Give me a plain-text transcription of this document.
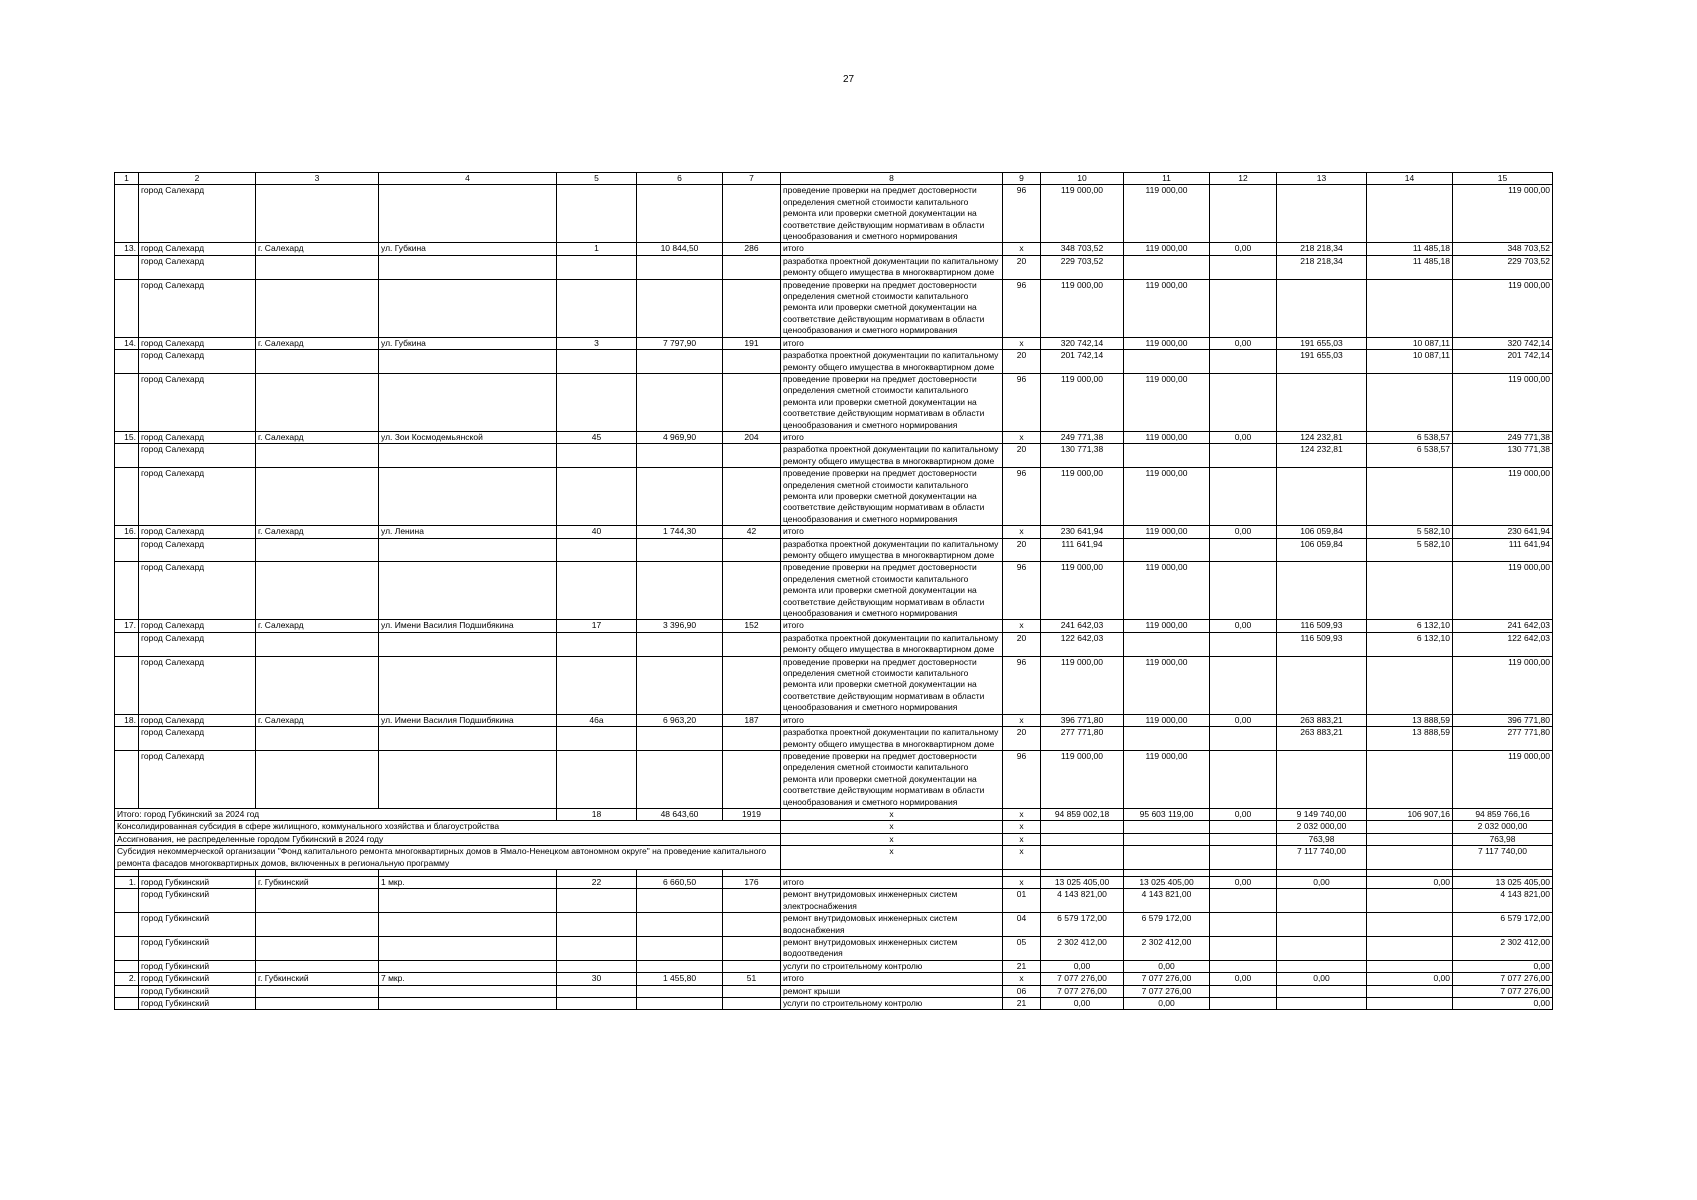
27
1	2	3	4	5	6	7	8	9	10	11	12	13	14	15
	город Салехард						проведение проверки на предмет достоверности определения сметной стоимости капитального ремонта или проверки сметной документации на соответствие действующим нормативам в области ценообразования и сметного нормирования	96	119 000,00	119 000,00				119 000,00
13.	город Салехард	г. Салехард	ул. Губкина	1	10 844,50	286	итого	х	348 703,52	119 000,00	0,00	218 218,34	11 485,18	348 703,52
	город Салехард						разработка проектной документации по капитальному ремонту общего имущества в многоквартирном доме	20	229 703,52			218 218,34	11 485,18	229 703,52
	город Салехард						проведение проверки на предмет достоверности определения сметной стоимости капитального ремонта или проверки сметной документации на соответствие действующим нормативам в области ценообразования и сметного нормирования	96	119 000,00	119 000,00				119 000,00
14.	город Салехард	г. Салехард	ул. Губкина	3	7 797,90	191	итого	х	320 742,14	119 000,00	0,00	191 655,03	10 087,11	320 742,14
	город Салехард						разработка проектной документации по капитальному ремонту общего имущества в многоквартирном доме	20	201 742,14			191 655,03	10 087,11	201 742,14
	город Салехард						проведение проверки на предмет достоверности определения сметной стоимости капитального ремонта или проверки сметной документации на соответствие действующим нормативам в области ценообразования и сметного нормирования	96	119 000,00	119 000,00				119 000,00
15.	город Салехард	г. Салехард	ул. Зои Космодемьянской	45	4 969,90	204	итого	х	249 771,38	119 000,00	0,00	124 232,81	6 538,57	249 771,38
	город Салехард						разработка проектной документации по капитальному ремонту общего имущества в многоквартирном доме	20	130 771,38			124 232,81	6 538,57	130 771,38
	город Салехард						проведение проверки на предмет достоверности определения сметной стоимости капитального ремонта или проверки сметной документации на соответствие действующим нормативам в области ценообразования и сметного нормирования	96	119 000,00	119 000,00				119 000,00
16.	город Салехард	г. Салехард	ул. Ленина	40	1 744,30	42	итого	х	230 641,94	119 000,00	0,00	106 059,84	5 582,10	230 641,94
	город Салехард						разработка проектной документации по капитальному ремонту общего имущества в многоквартирном доме	20	111 641,94			106 059,84	5 582,10	111 641,94
	город Салехард						проведение проверки на предмет достоверности определения сметной стоимости капитального ремонта или проверки сметной документации на соответствие действующим нормативам в области ценообразования и сметного нормирования	96	119 000,00	119 000,00				119 000,00
17.	город Салехард	г. Салехард	ул. Имени Василия Подшибякина	17	3 396,90	152	итого	х	241 642,03	119 000,00	0,00	116 509,93	6 132,10	241 642,03
	город Салехард						разработка проектной документации по капитальному ремонту общего имущества в многоквартирном доме	20	122 642,03			116 509,93	6 132,10	122 642,03
	город Салехард						проведение проверки на предмет достоверности определения сметной стоимости капитального ремонта или проверки сметной документации на соответствие действующим нормативам в области ценообразования и сметного нормирования	96	119 000,00	119 000,00				119 000,00
18.	город Салехард	г. Салехард	ул. Имени Василия Подшибякина	46а	6 963,20	187	итого	х	396 771,80	119 000,00	0,00	263 883,21	13 888,59	396 771,80
	город Салехард						разработка проектной документации по капитальному ремонту общего имущества в многоквартирном доме	20	277 771,80			263 883,21	13 888,59	277 771,80
	город Салехард						проведение проверки на предмет достоверности определения сметной стоимости капитального ремонта или проверки сметной документации на соответствие действующим нормативам в области ценообразования и сметного нормирования	96	119 000,00	119 000,00				119 000,00
Итого: город Губкинский за 2024 год				18	48 643,60	1919	х	х	94 859 002,18	95 603 119,00	0,00	9 149 740,00	106 907,16	94 859 766,16
Консолидированная субсидия в сфере жилищного, коммунального хозяйства и благоустройства							х	х				2 032 000,00		2 032 000,00
Ассигнования, не распределенные городом Губкинский в 2024 году							х	х				763,98		763,98
Субсидия некоммерческой организации "Фонд капитального ремонта многоквартирных домов в Ямало-Ненецком автономном округе" на проведение капитального ремонта фасадов многоквартирных домов, включенных в региональную программу							х	х				7 117 740,00		7 117 740,00

1.	город Губкинский	г. Губкинский	1 мкр.	22	6 660,50	176	итого	х	13 025 405,00	13 025 405,00	0,00	0,00	0,00	13 025 405,00
	город Губкинский						ремонт внутридомовых инженерных систем электроснабжения	01	4 143 821,00	4 143 821,00				4 143 821,00
	город Губкинский						ремонт внутридомовых инженерных систем водоснабжения	04	6 579 172,00	6 579 172,00				6 579 172,00
	город Губкинский						ремонт внутридомовых инженерных систем водоотведения	05	2 302 412,00	2 302 412,00				2 302 412,00
	город Губкинский						услуги по строительному контролю	21	0,00	0,00				0,00
2.	город Губкинский	г. Губкинский	7 мкр.	30	1 455,80	51	итого	х	7 077 276,00	7 077 276,00	0,00	0,00	0,00	7 077 276,00
	город Губкинский						ремонт крыши	06	7 077 276,00	7 077 276,00				7 077 276,00
	город Губкинский						услуги по строительному контролю	21	0,00	0,00				0,00
